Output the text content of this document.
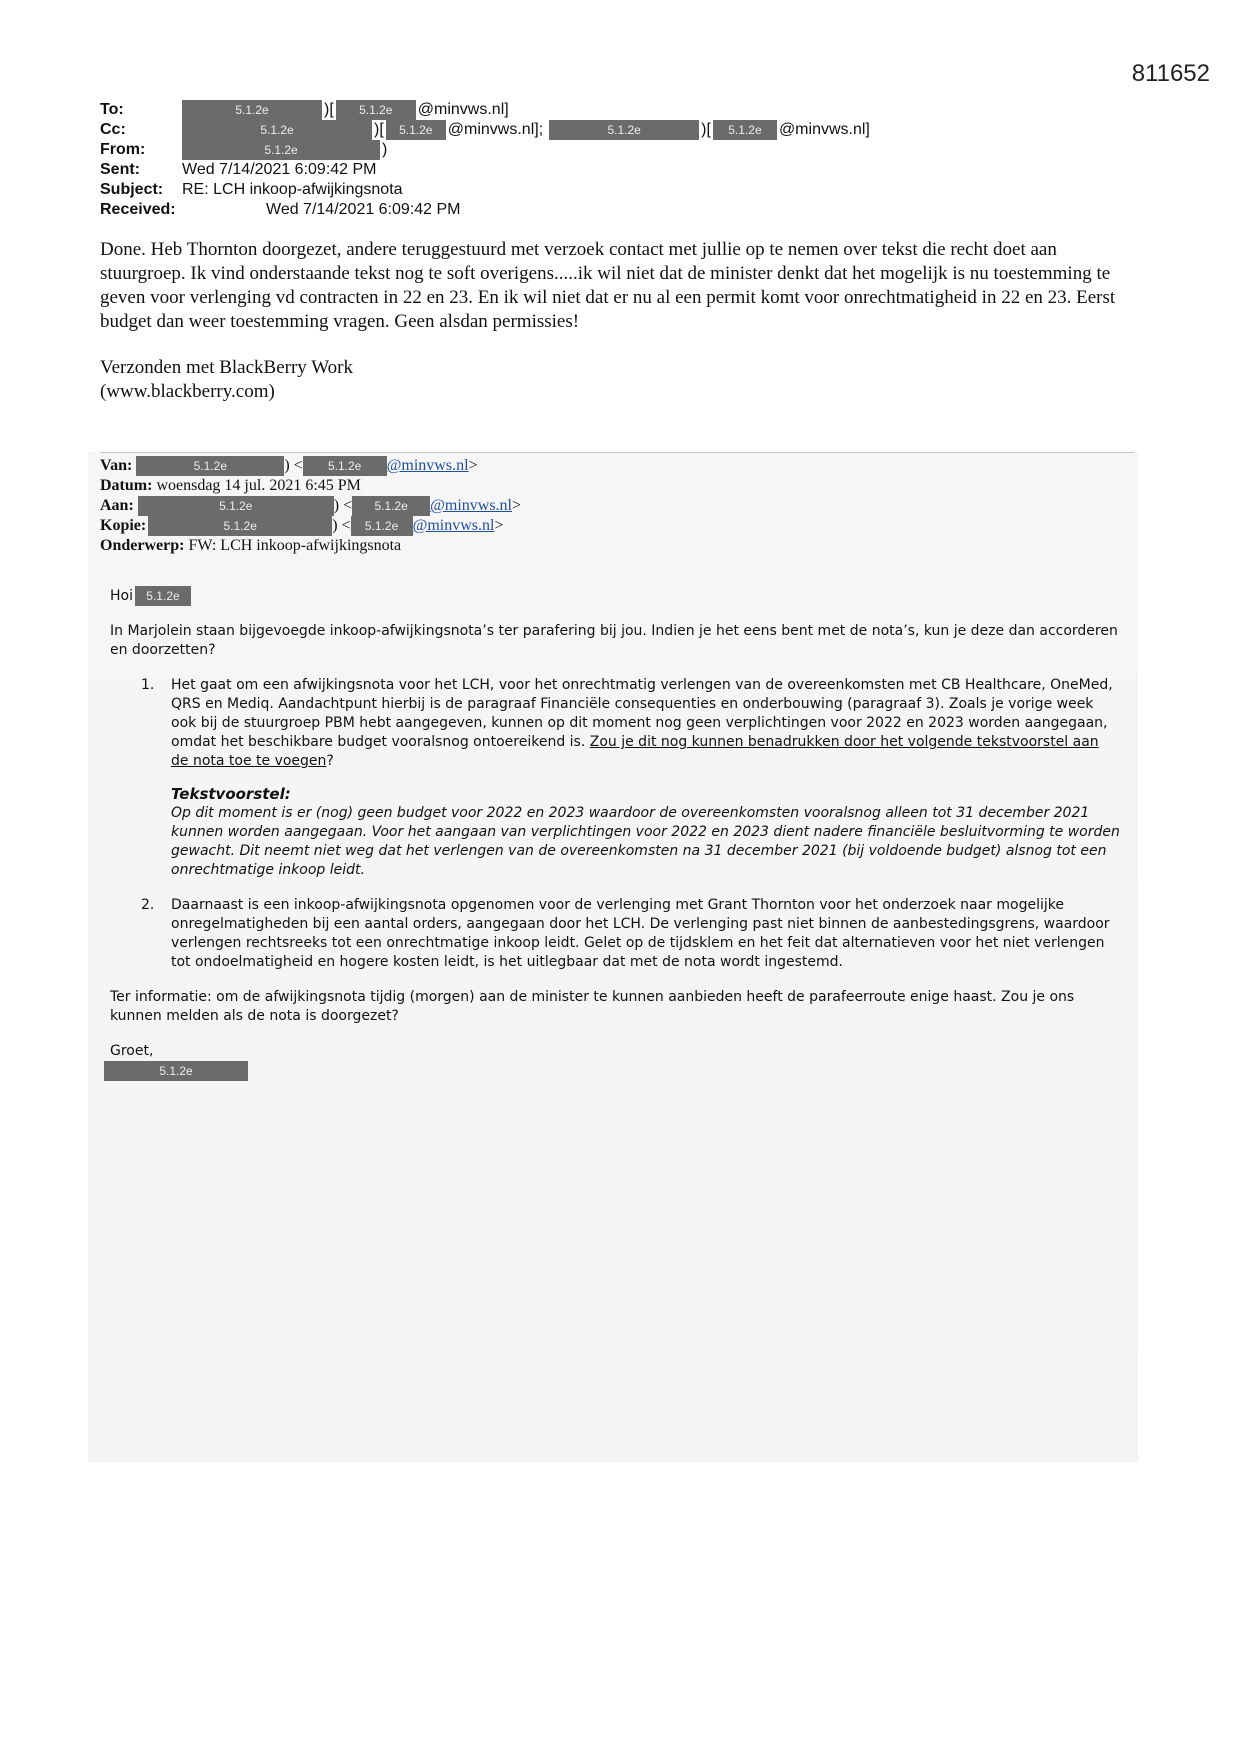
811652
To:	5.1.2e	)[	5.1.2e	@minvws.nl]
Cc:	5.1.2e	)[	5.1.2e @minvws.nl];	5.1.2e	)[	5.1.2e	@minvws.nl]
From:	5.1.2e	)
Sent:	Wed 7/14/2021 6:09:42 PM
Subject:	RE: LCH inkoop-afwijkingsnota
Received:	Wed 7/14/2021 6:09:42 PM

Done. Heb Thornton doorgezet, andere teruggestuurd met verzoek contact met jullie op te nemen over tekst die recht doet aan stuurgroep. Ik vind onderstaande tekst nog te soft overigens.....ik wil niet dat de minister denkt dat het mogelijk is nu toestemming te geven voor verlenging vd contracten in 22 en 23. En ik wil niet dat er nu al een permit komt voor onrechtmatigheid in 22 en 23. Eerst budget dan weer toestemming vragen. Geen alsdan permissies!

Verzonden met BlackBerry Work
(www.blackberry.com)
Van:	5.1.2e	) <	5.1.2e	@minvws.nl >
Datum: woensdag 14 jul. 2021 6:45 PM
Aan:	5.1.2e	) <	5.1.2e	@minvws.nl >
Kopie:	5.1.2e	) <	5.1.2e @minvws.nl >
Onderwerp: FW: LCH inkoop-afwijkingsnota

Hoi	5.1.2e

In Marjolein staan bijgevoegde inkoop-afwijkingsnota’s ter parafering bij jou. Indien je het eens bent met de nota’s, kun je deze dan accorderen en doorzetten?

1. Het gaat om een afwijkingsnota voor het LCH, voor het onrechtmatig verlengen van de overeenkomsten met CB Healthcare, OneMed, QRS en Mediq. Aandachtpunt hierbij is de paragraaf Financiële consequenties en onderbouwing (paragraaf 3). Zoals je vorige week ook bij de stuurgroep PBM hebt aangegeven, kunnen op dit moment nog geen verplichtingen voor 2022 en 2023 worden aangegaan, omdat het beschikbare budget vooralsnog ontoereikend is. Zou je dit nog kunnen benadrukken door het volgende tekstvoorstel aan de nota toe te voegen?
Tekstvoorstel:
Op dit moment is er (nog) geen budget voor 2022 en 2023 waardoor de overeenkomsten vooralsnog alleen tot 31 december 2021 kunnen worden aangegaan. Voor het aangaan van verplichtingen voor 2022 en 2023 dient nadere financiële besluitvorming te worden gewacht. Dit neemt niet weg dat het verlengen van de overeenkomsten na 31 december 2021 (bij voldoende budget) alsnog tot een onrechtmatige inkoop leidt.
2. Daarnaast is een inkoop-afwijkingsnota opgenomen voor de verlenging met Grant Thornton voor het onderzoek naar mogelijke onregelmatigheden bij een aantal orders, aangegaan door het LCH. De verlenging past niet binnen de aanbestedingsgrens, waardoor verlengen rechtsreeks tot een onrechtmatige inkoop leidt. Gelet op de tijdsklem en het feit dat alternatieven voor het niet verlengen tot ondoelmatigheid en hogere kosten leidt, is het uitlegbaar dat met de nota wordt ingestemd.

Ter informatie: om de afwijkingsnota tijdig (morgen) aan de minister te kunnen aanbieden heeft de parafeerroute enige haast. Zou je ons kunnen melden als de nota is doorgezet?

Groet,
5.1.2e
